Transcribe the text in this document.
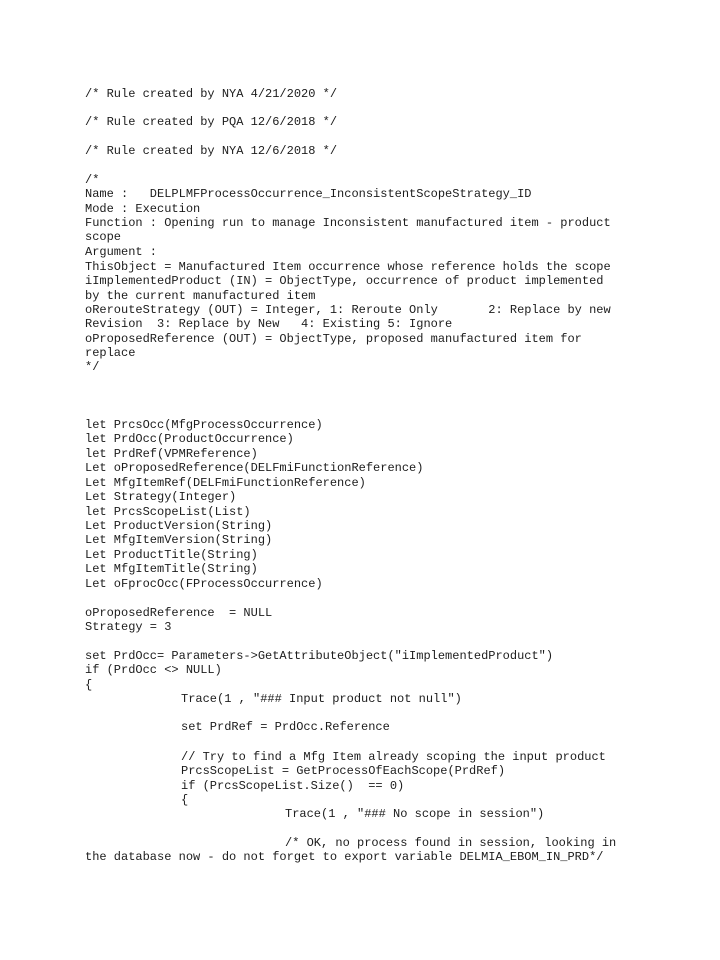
/* Rule created by NYA 4/21/2020 */
/* Rule created by PQA 12/6/2018 */
/* Rule created by NYA 12/6/2018 */
/*
Name :   DELPLMFProcessOccurrence_InconsistentScopeStrategy_ID
Mode : Execution
Function : Opening run to manage Inconsistent manufactured item - product
scope
Argument :
ThisObject = Manufactured Item occurrence whose reference holds the scope
iImplementedProduct (IN) = ObjectType, occurrence of product implemented
by the current manufactured item
oRerouteStrategy (OUT) = Integer, 1: Reroute Only       2: Replace by new
Revision  3: Replace by New   4: Existing 5: Ignore
oProposedReference (OUT) = ObjectType, proposed manufactured item for
replace
*/
let PrcsOcc(MfgProcessOccurrence)
let PrdOcc(ProductOccurrence)
let PrdRef(VPMReference)
Let oProposedReference(DELFmiFunctionReference)
Let MfgItemRef(DELFmiFunctionReference)
Let Strategy(Integer)
let PrcsScopeList(List)
Let ProductVersion(String)
Let MfgItemVersion(String)
Let ProductTitle(String)
Let MfgItemTitle(String)
Let oFprocOcc(FProcessOccurrence)
oProposedReference  = NULL
Strategy = 3
set PrdOcc= Parameters->GetAttributeObject("iImplementedProduct")
if (PrdOcc <> NULL)
{
Trace(1 , "### Input product not null")
set PrdRef = PrdOcc.Reference
// Try to find a Mfg Item already scoping the input product
PrcsScopeList = GetProcessOfEachScope(PrdRef)
if (PrcsScopeList.Size()  == 0)
{
Trace(1 , "### No scope in session")
/* OK, no process found in session, looking in
the database now - do not forget to export variable DELMIA_EBOM_IN_PRD*/
